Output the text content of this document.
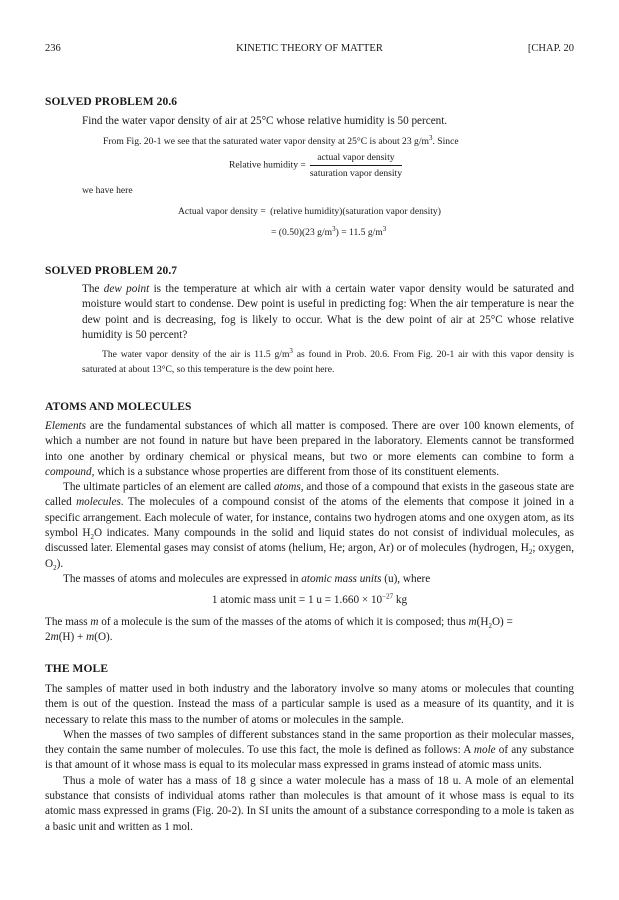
236	KINETIC THEORY OF MATTER	[CHAP. 20
SOLVED PROBLEM 20.6

Find the water vapor density of air at 25°C whose relative humidity is 50 percent.

From Fig. 20-1 we see that the saturated water vapor density at 25°C is about 23 $g/m^3$. Since

Relative humidity = $\frac{\text{actual vapor density}}{\text{saturation vapor density}}$
we have here
Actual vapor density = (relative humidity)(saturation vapor density)
= (0.50)(23 $g/m^3) = 11.5$ $g/m^3$
SOLVED PROBLEM 20.7

The dew point is the temperature at which air with a certain water vapor density would be saturated and moisture would start to condense. Dew point is useful in predicting fog: When the air temperature is near the dew point and is decreasing, fog is likely to occur. What is the dew point of air at 25°C whose relative humidity is 50 percent?

The water vapor density of the air is 11.5 $g/m^3$ as found in Prob. 20.6. From Fig. 20-1 air with this vapor density is saturated at about 13°C, so this temperature is the dew point here.

ATOMS AND MOLECULES

Elements are the fundamental substances of which all matter is composed. There are over 100 known elements, of which a number are not found in nature but have been prepared in the laboratory. Elements cannot be transformed into one another by ordinary chemical or physical means, but two or more elements can combine to form a compound, which is a substance whose properties are different from those of its constituent elements.

The ultimate particles of an element are called atoms, and those of a compound that exists in the gaseous state are called molecules. The molecules of a compound consist of the atoms of the elements that compose it joined in a specific arrangement. Each molecule of water, for instance, contains two hydrogen atoms and one oxygen atom, as its symbol $H_2O$ indicates. Many compounds in the solid and liquid states do not consist of individual molecules, as discussed later. Elemental gases may consist of atoms (helium, He; argon, Ar) or of molecules (hydrogen, $H_2$; oxygen, $O_2$).

The masses of atoms and molecules are expressed in atomic mass units (u), where

1 atomic mass unit = 1 $u = 1.660 \times 10^{-27}$ kg

The mass m of a molecule is the sum of the masses of the atoms of which it is composed; thus $m(H_2O)$ =
2m(H) + m(O).

THE MOLE

The samples of matter used in both industry and the laboratory involve so many atoms or molecules that counting them is out of the question. Instead the mass of a particular sample is used as a measure of its quantity, and it is necessary to relate this mass to the number of atoms or molecules in the sample.

When the masses of two samples of different substances stand in the same proportion as their molecular masses, they contain the same number of molecules. To use this fact, the mole is defined as follows: A mole of any substance is that amount of it whose mass is equal to its molecular mass expressed in grams instead of atomic mass units.

Thus a mole of water has a mass of 18 g since a water molecule has a mass of 18 u. A mole of an elemental substance that consists of individual atoms rather than molecules is that amount of it whose mass is equal to its atomic mass expressed in grams (Fig. 20-2). In SI units the amount of a substance corresponding to a mole is taken as a basic unit and written as 1 mol.
